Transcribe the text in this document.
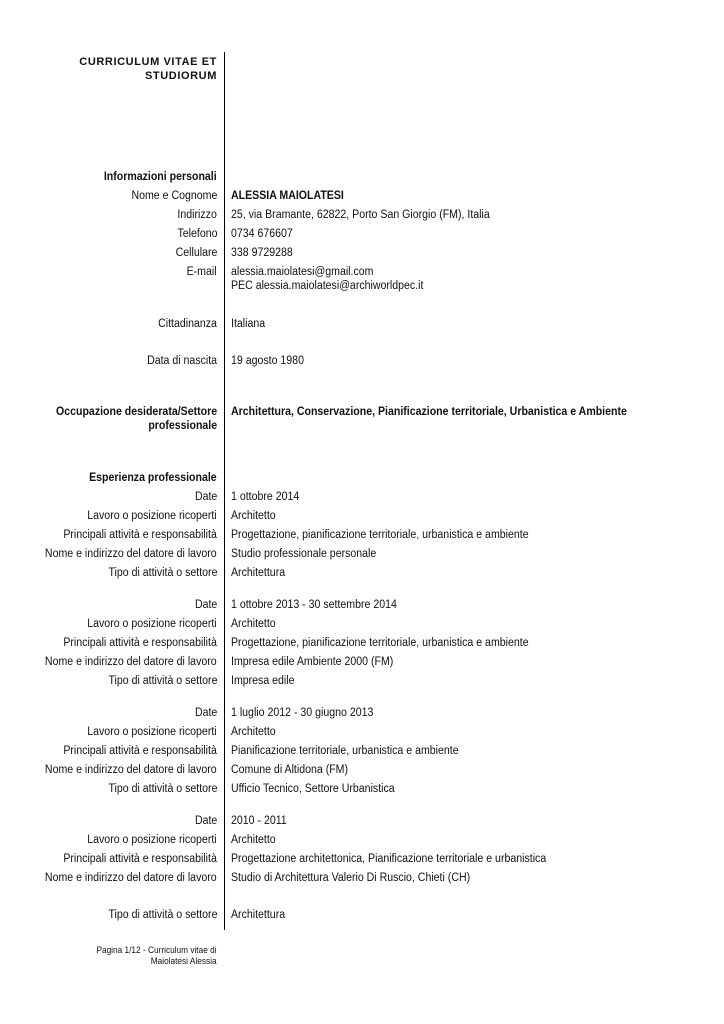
CURRICULUM VITAE ET
STUDIORUM
Informazioni personali
Nome e Cognome ALESSIA MAIOLATESI
Indirizzo 25, via Bramante, 62822, Porto San Giorgio (FM), Italia
Telefono 0734 676607
Cellulare 338 9729288
E-mail alessia.maiolatesi@gmail.com
PEC alessia.maiolatesi@archiworldpec.it
Cittadinanza Italiana
Data di nascita 19 agosto 1980
Occupazione desiderata/Settore
professionale
Architettura, Conservazione, Pianificazione territoriale, Urbanistica e Ambiente
Esperienza professionale
Date 1 ottobre 2014
Lavoro o posizione ricoperti Architetto
Principali attività e responsabilità Progettazione, pianificazione territoriale, urbanistica e ambiente
Nome e indirizzo del datore di lavoro Studio professionale personale
Tipo di attività o settore Architettura
Date 1 ottobre 2013 - 30 settembre 2014
Lavoro o posizione ricoperti Architetto
Principali attività e responsabilità Progettazione, pianificazione territoriale, urbanistica e ambiente
Nome e indirizzo del datore di lavoro Impresa edile Ambiente 2000 (FM)
Tipo di attività o settore Impresa edile
Date 1 luglio 2012 - 30 giugno 2013
Lavoro o posizione ricoperti Architetto
Principali attività e responsabilità Pianificazione territoriale, urbanistica e ambiente
Nome e indirizzo del datore di lavoro Comune di Altidona (FM)
Tipo di attività o settore Ufficio Tecnico, Settore Urbanistica
Date 2010 - 2011
Lavoro o posizione ricoperti Architetto
Principali attività e responsabilità Progettazione architettonica, Pianificazione territoriale e urbanistica
Nome e indirizzo del datore di lavoro Studio di Architettura Valerio Di Ruscio, Chieti (CH)
Tipo di attività o settore Architettura
Pagina 1/12 - Curriculum vitae di
Maiolatesi Alessia
